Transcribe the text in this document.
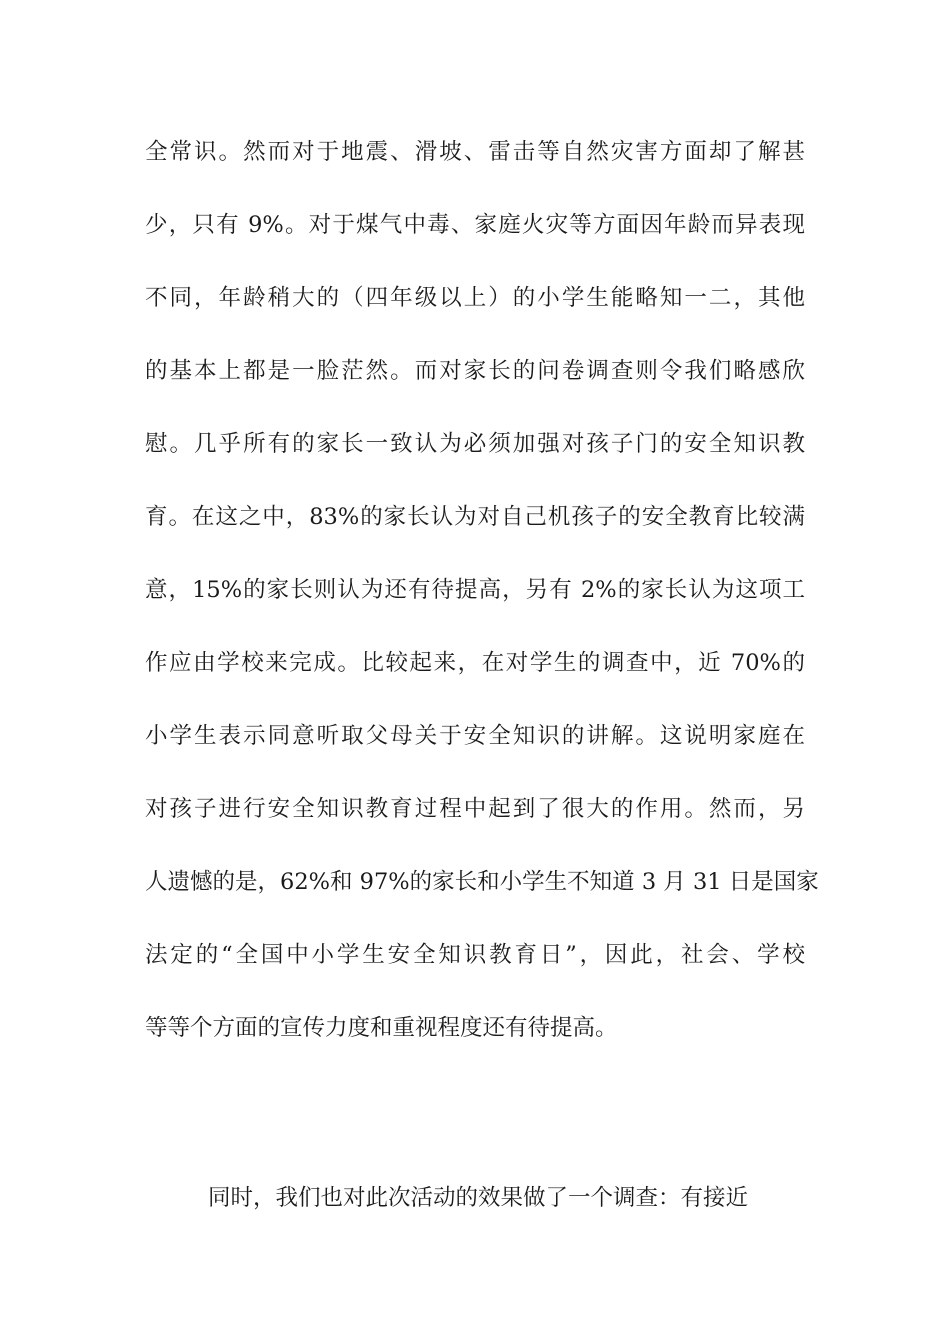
全常识。然而对于地震、滑坡、雷击等自然灾害方面却了解甚
少，只有 9%。对于煤气中毒、家庭火灾等方面因年龄而异表现
不同，年龄稍大的（四年级以上）的小学生能略知一二，其他
的基本上都是一脸茫然。而对家长的问卷调查则令我们略感欣
慰。几乎所有的家长一致认为必须加强对孩子门的安全知识教
育。在这之中，83%的家长认为对自己机孩子的安全教育比较满
意，15%的家长则认为还有待提高，另有 2%的家长认为这项工
作应由学校来完成。比较起来，在对学生的调查中，近 70%的
小学生表示同意听取父母关于安全知识的讲解。这说明家庭在
对孩子进行安全知识教育过程中起到了很大的作用。然而，另
人遗憾的是，62%和 97%的家长和小学生不知道 3 月 31 日是国家
法定的“全国中小学生安全知识教育日”，因此，社会、学校
等等个方面的宣传力度和重视程度还有待提高。
同时，我们也对此次活动的效果做了一个调查：有接近
